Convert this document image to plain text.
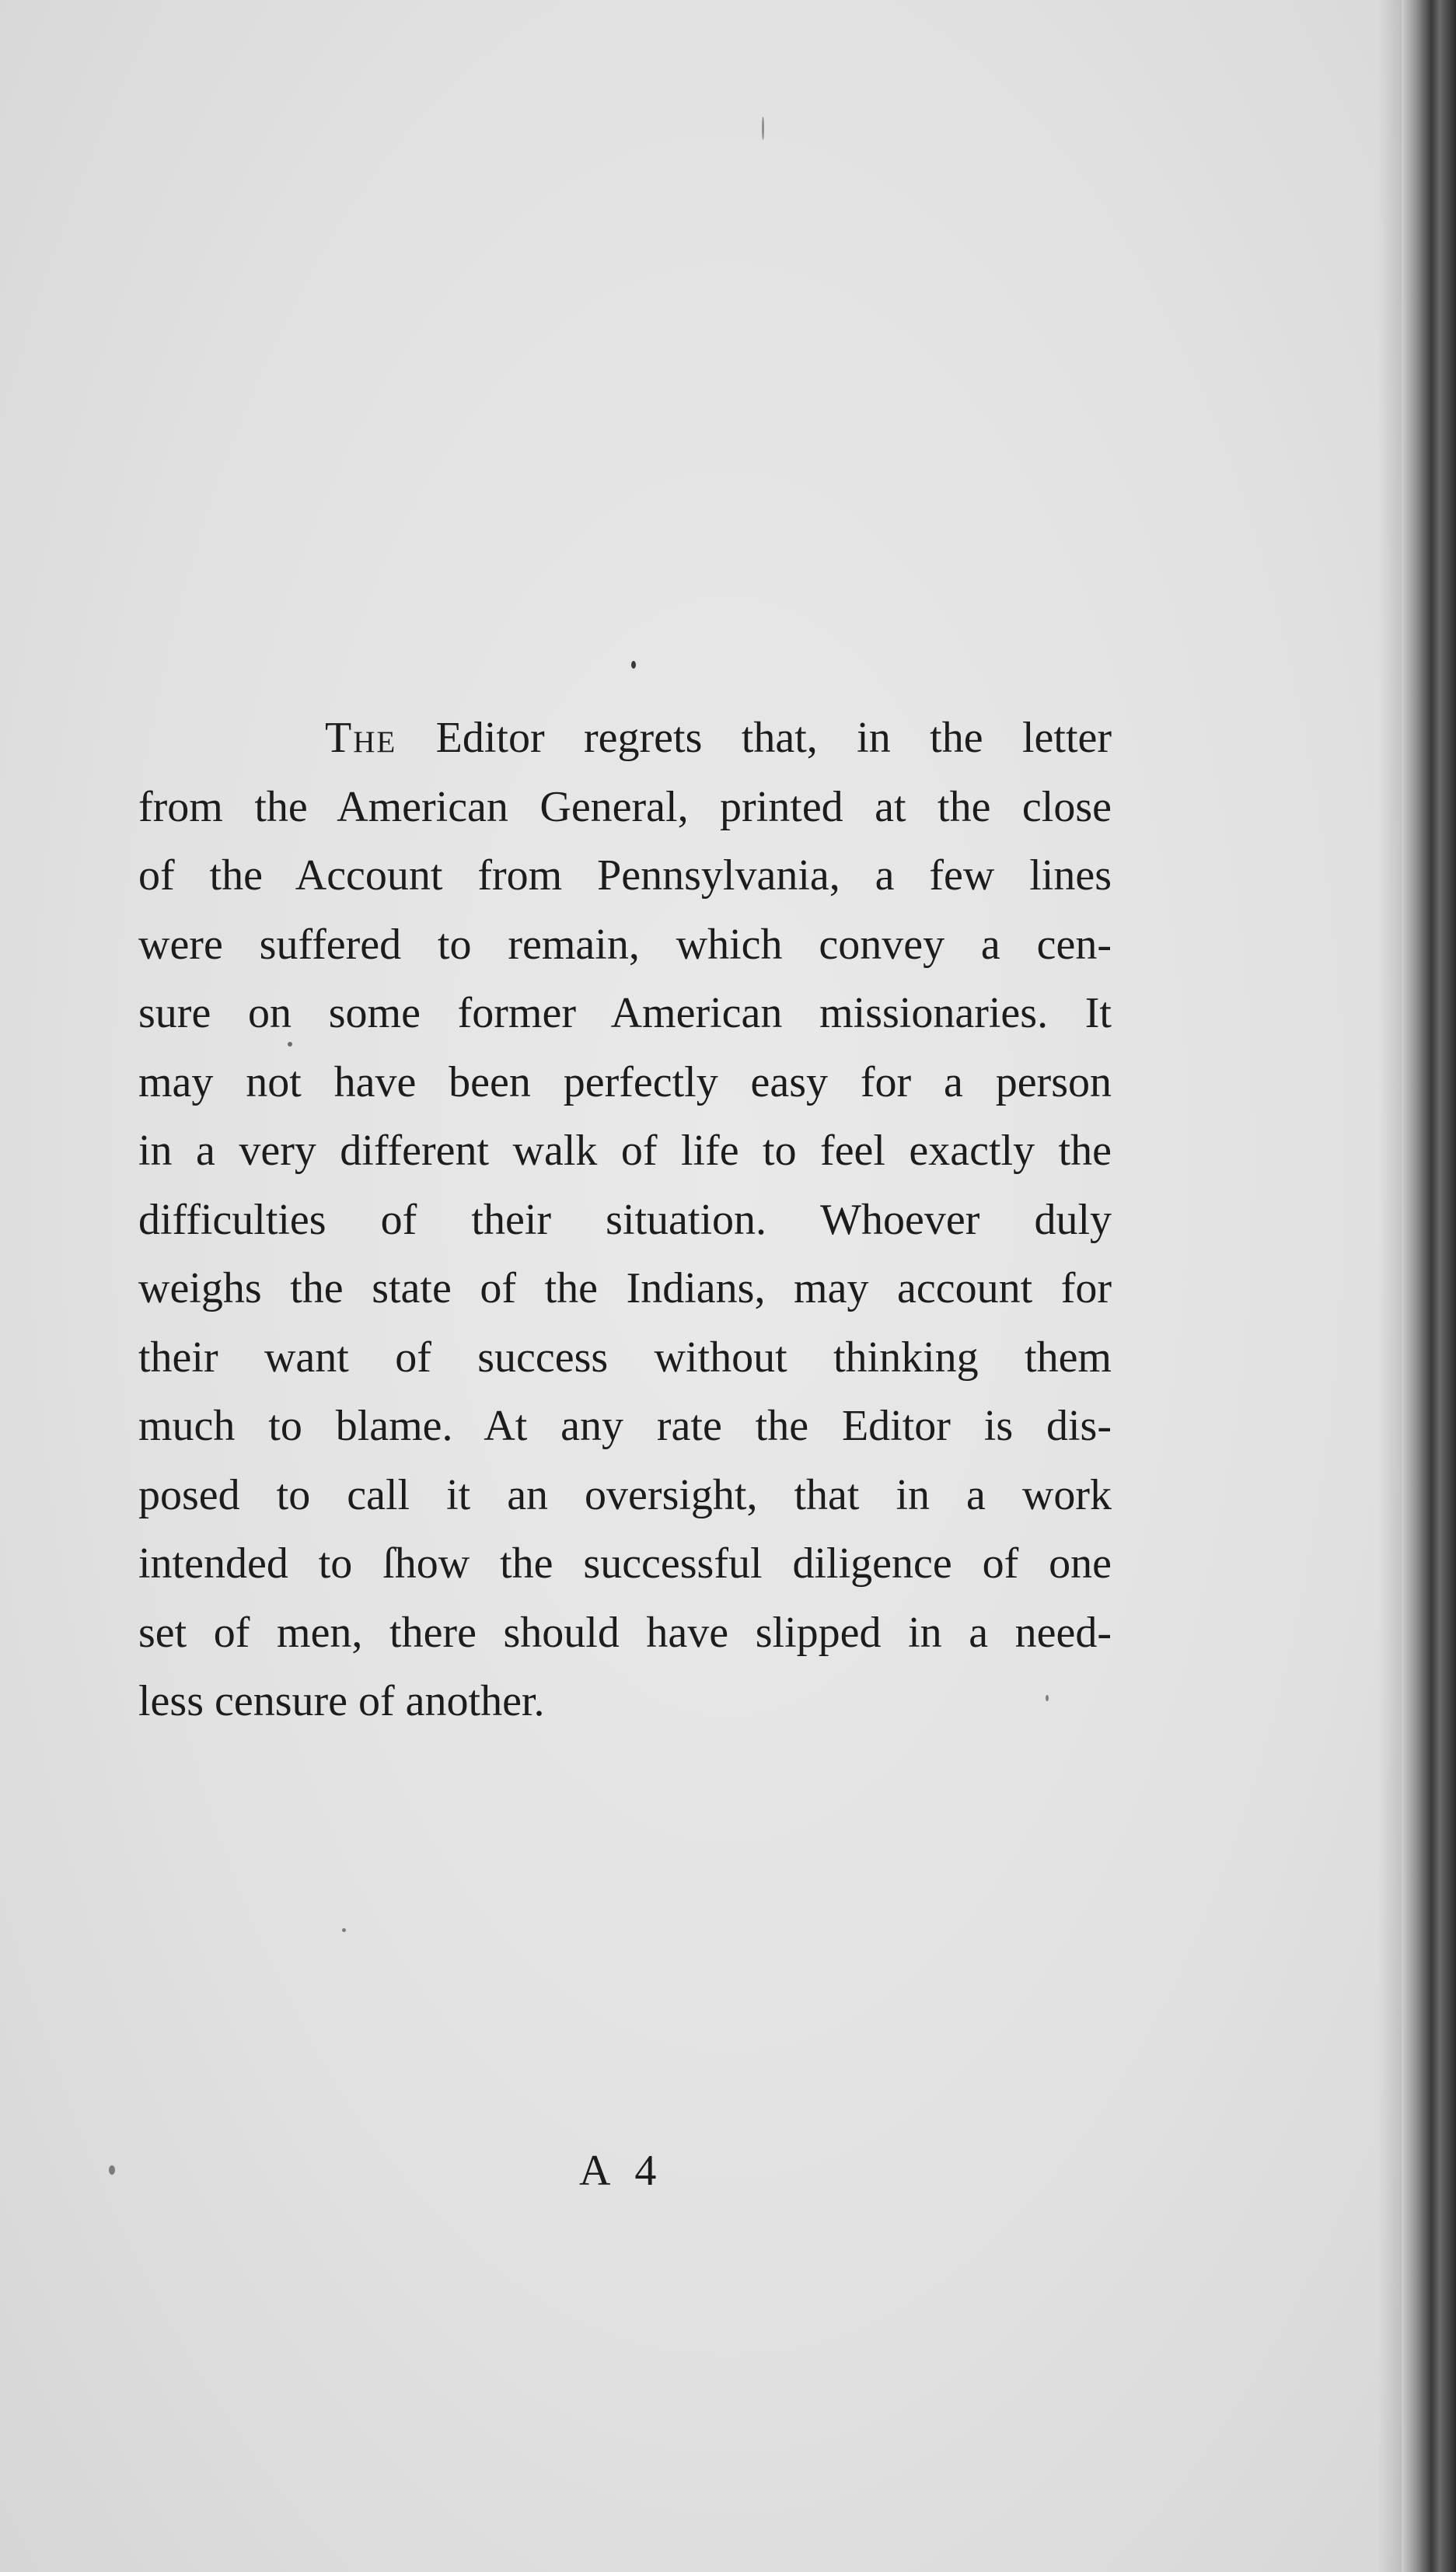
The Editor regrets that, in the letter
from the American General, printed at the close
of the Account from Pennsylvania, a few lines
were suffered to remain, which convey a cen-
sure on some former American missionaries. It
may not have been perfectly easy for a person
in a very different walk of life to feel exactly the
difficulties of their situation. Whoever duly
weighs the state of the Indians, may account for
their want of success without thinking them
much to blame. At any rate the Editor is dis-
posed to call it an oversight, that in a work
intended to ſhow the successful diligence of one
set of men, there should have slipped in a need-
less censure of another.
A 4
